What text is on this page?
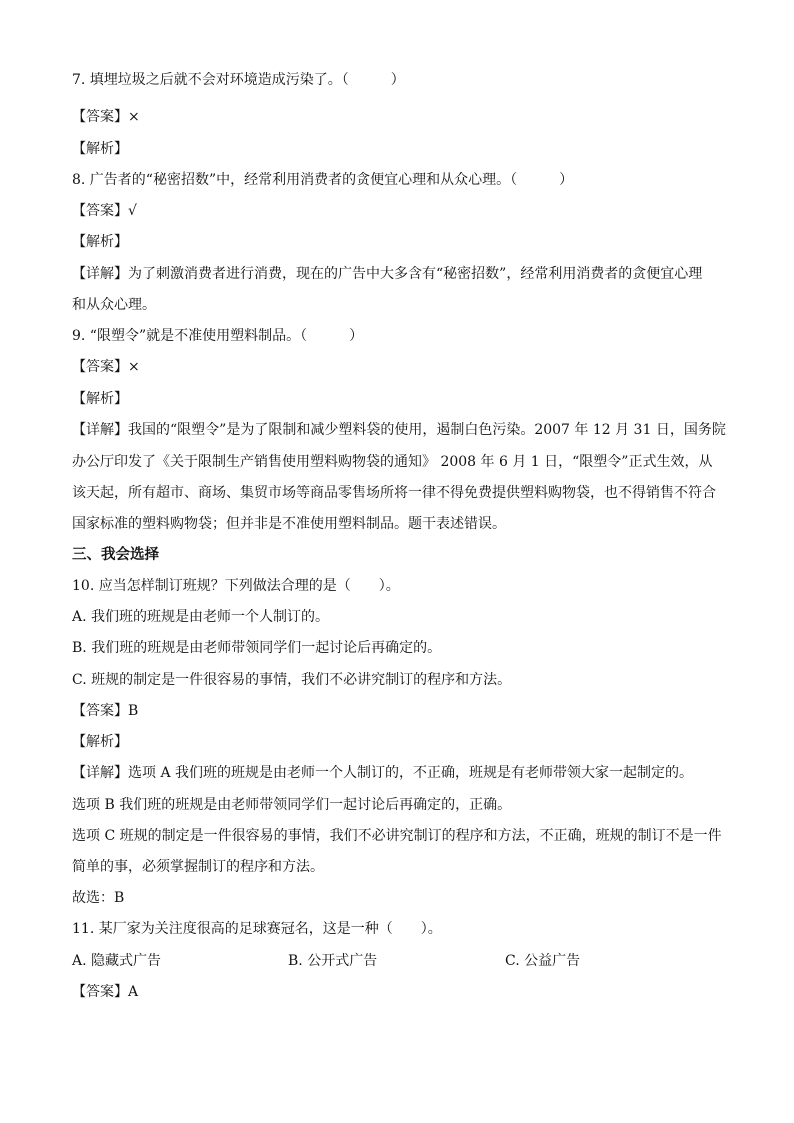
7. 填埋垃圾之后就不会对环境造成污染了。（　　　）
【答案】×
【解析】
8. 广告者的“秘密招数”中，经常利用消费者的贪便宜心理和从众心理。（　　　）
【答案】√
【解析】
【详解】为了刺激消费者进行消费，现在的广告中大多含有“秘密招数”，经常利用消费者的贪便宜心理
和从众心理。
9. “限塑令”就是不准使用塑料制品。（　　　）
【答案】×
【解析】
【详解】我国的“限塑令”是为了限制和减少塑料袋的使用，遏制白色污染。2007 年 12 月 31 日，国务院
办公厅印发了《关于限制生产销售使用塑料购物袋的通知》 2008 年 6 月 1 日，“限塑令”正式生效，从
该天起，所有超市、商场、集贸市场等商品零售场所将一律不得免费提供塑料购物袋，也不得销售不符合
国家标准的塑料购物袋；但并非是不准使用塑料制品。题干表述错误。
三、我会选择
10. 应当怎样制订班规？下列做法合理的是（　　）。
A. 我们班的班规是由老师一个人制订的。
B. 我们班的班规是由老师带领同学们一起讨论后再确定的。
C. 班规的制定是一件很容易的事情，我们不必讲究制订的程序和方法。
【答案】B
【解析】
【详解】选项 A 我们班的班规是由老师一个人制订的，不正确，班规是有老师带领大家一起制定的。
选项 B 我们班的班规是由老师带领同学们一起讨论后再确定的，正确。
选项 C 班规的制定是一件很容易的事情，我们不必讲究制订的程序和方法，不正确，班规的制订不是一件
简单的事，必须掌握制订的程序和方法。
故选：B
11. 某厂家为关注度很高的足球赛冠名，这是一种（　　）。
A. 隐藏式广告	B. 公开式广告	C. 公益广告
【答案】A
